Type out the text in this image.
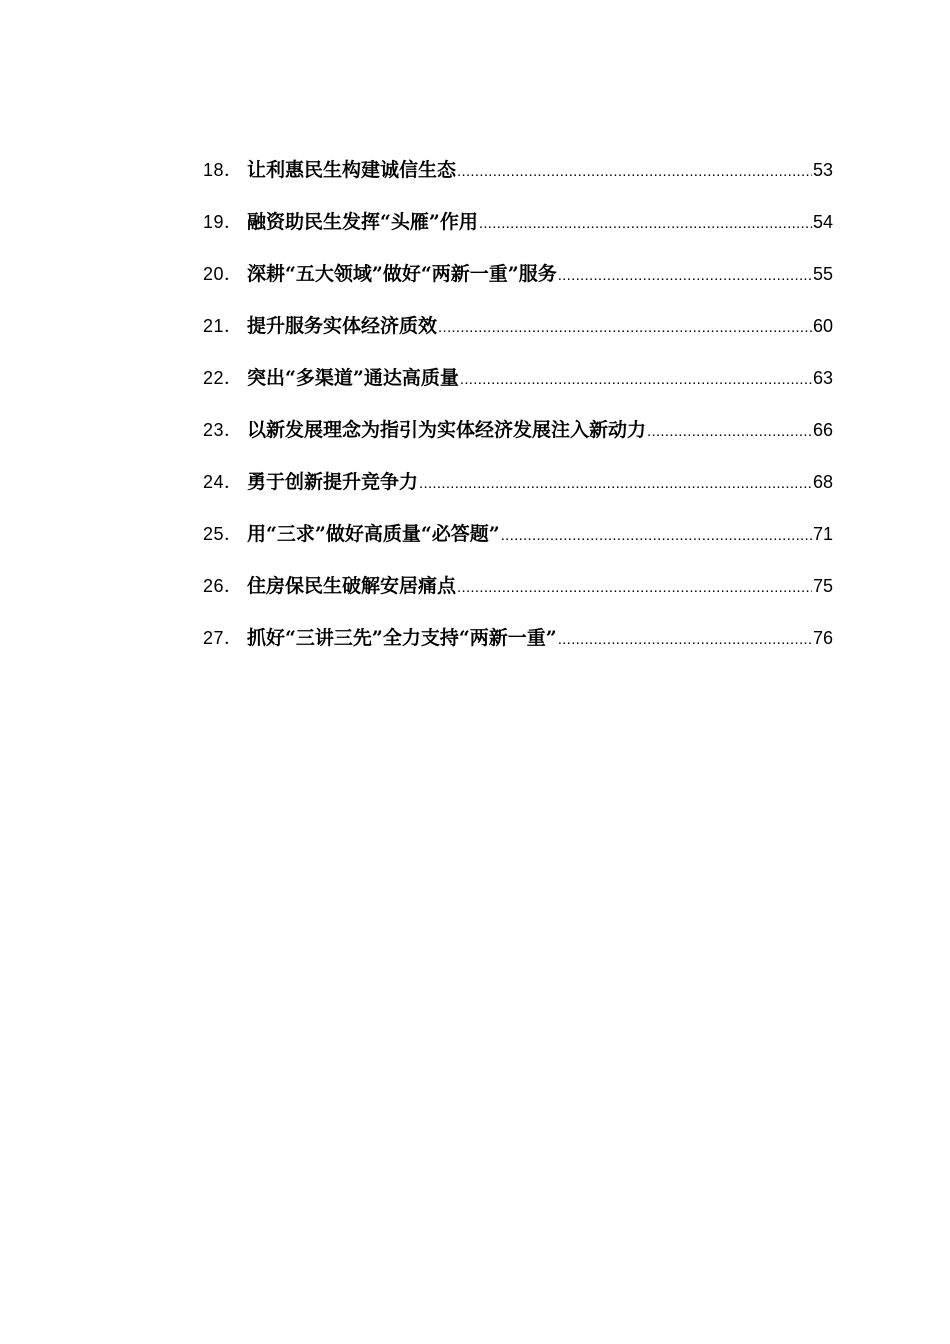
18． 让利惠民生构建诚信生态 .....	53
19． 融资助民生发挥“头雁”作用 .....	54
20． 深耕“五大领域”做好“两新一重”服务 .....	55
21． 提升服务实体经济质效 .....	60
22． 突出“多渠道”通达高质量 .....	63
23． 以新发展理念为指引为实体经济发展注入新动力 .....	66
24． 勇于创新提升竞争力 .....	68
25． 用“三求”做好高质量“必答题” .....	71
26． 住房保民生破解安居痛点 .....	75
27． 抓好“三讲三先”全力支持“两新一重” .....	76
